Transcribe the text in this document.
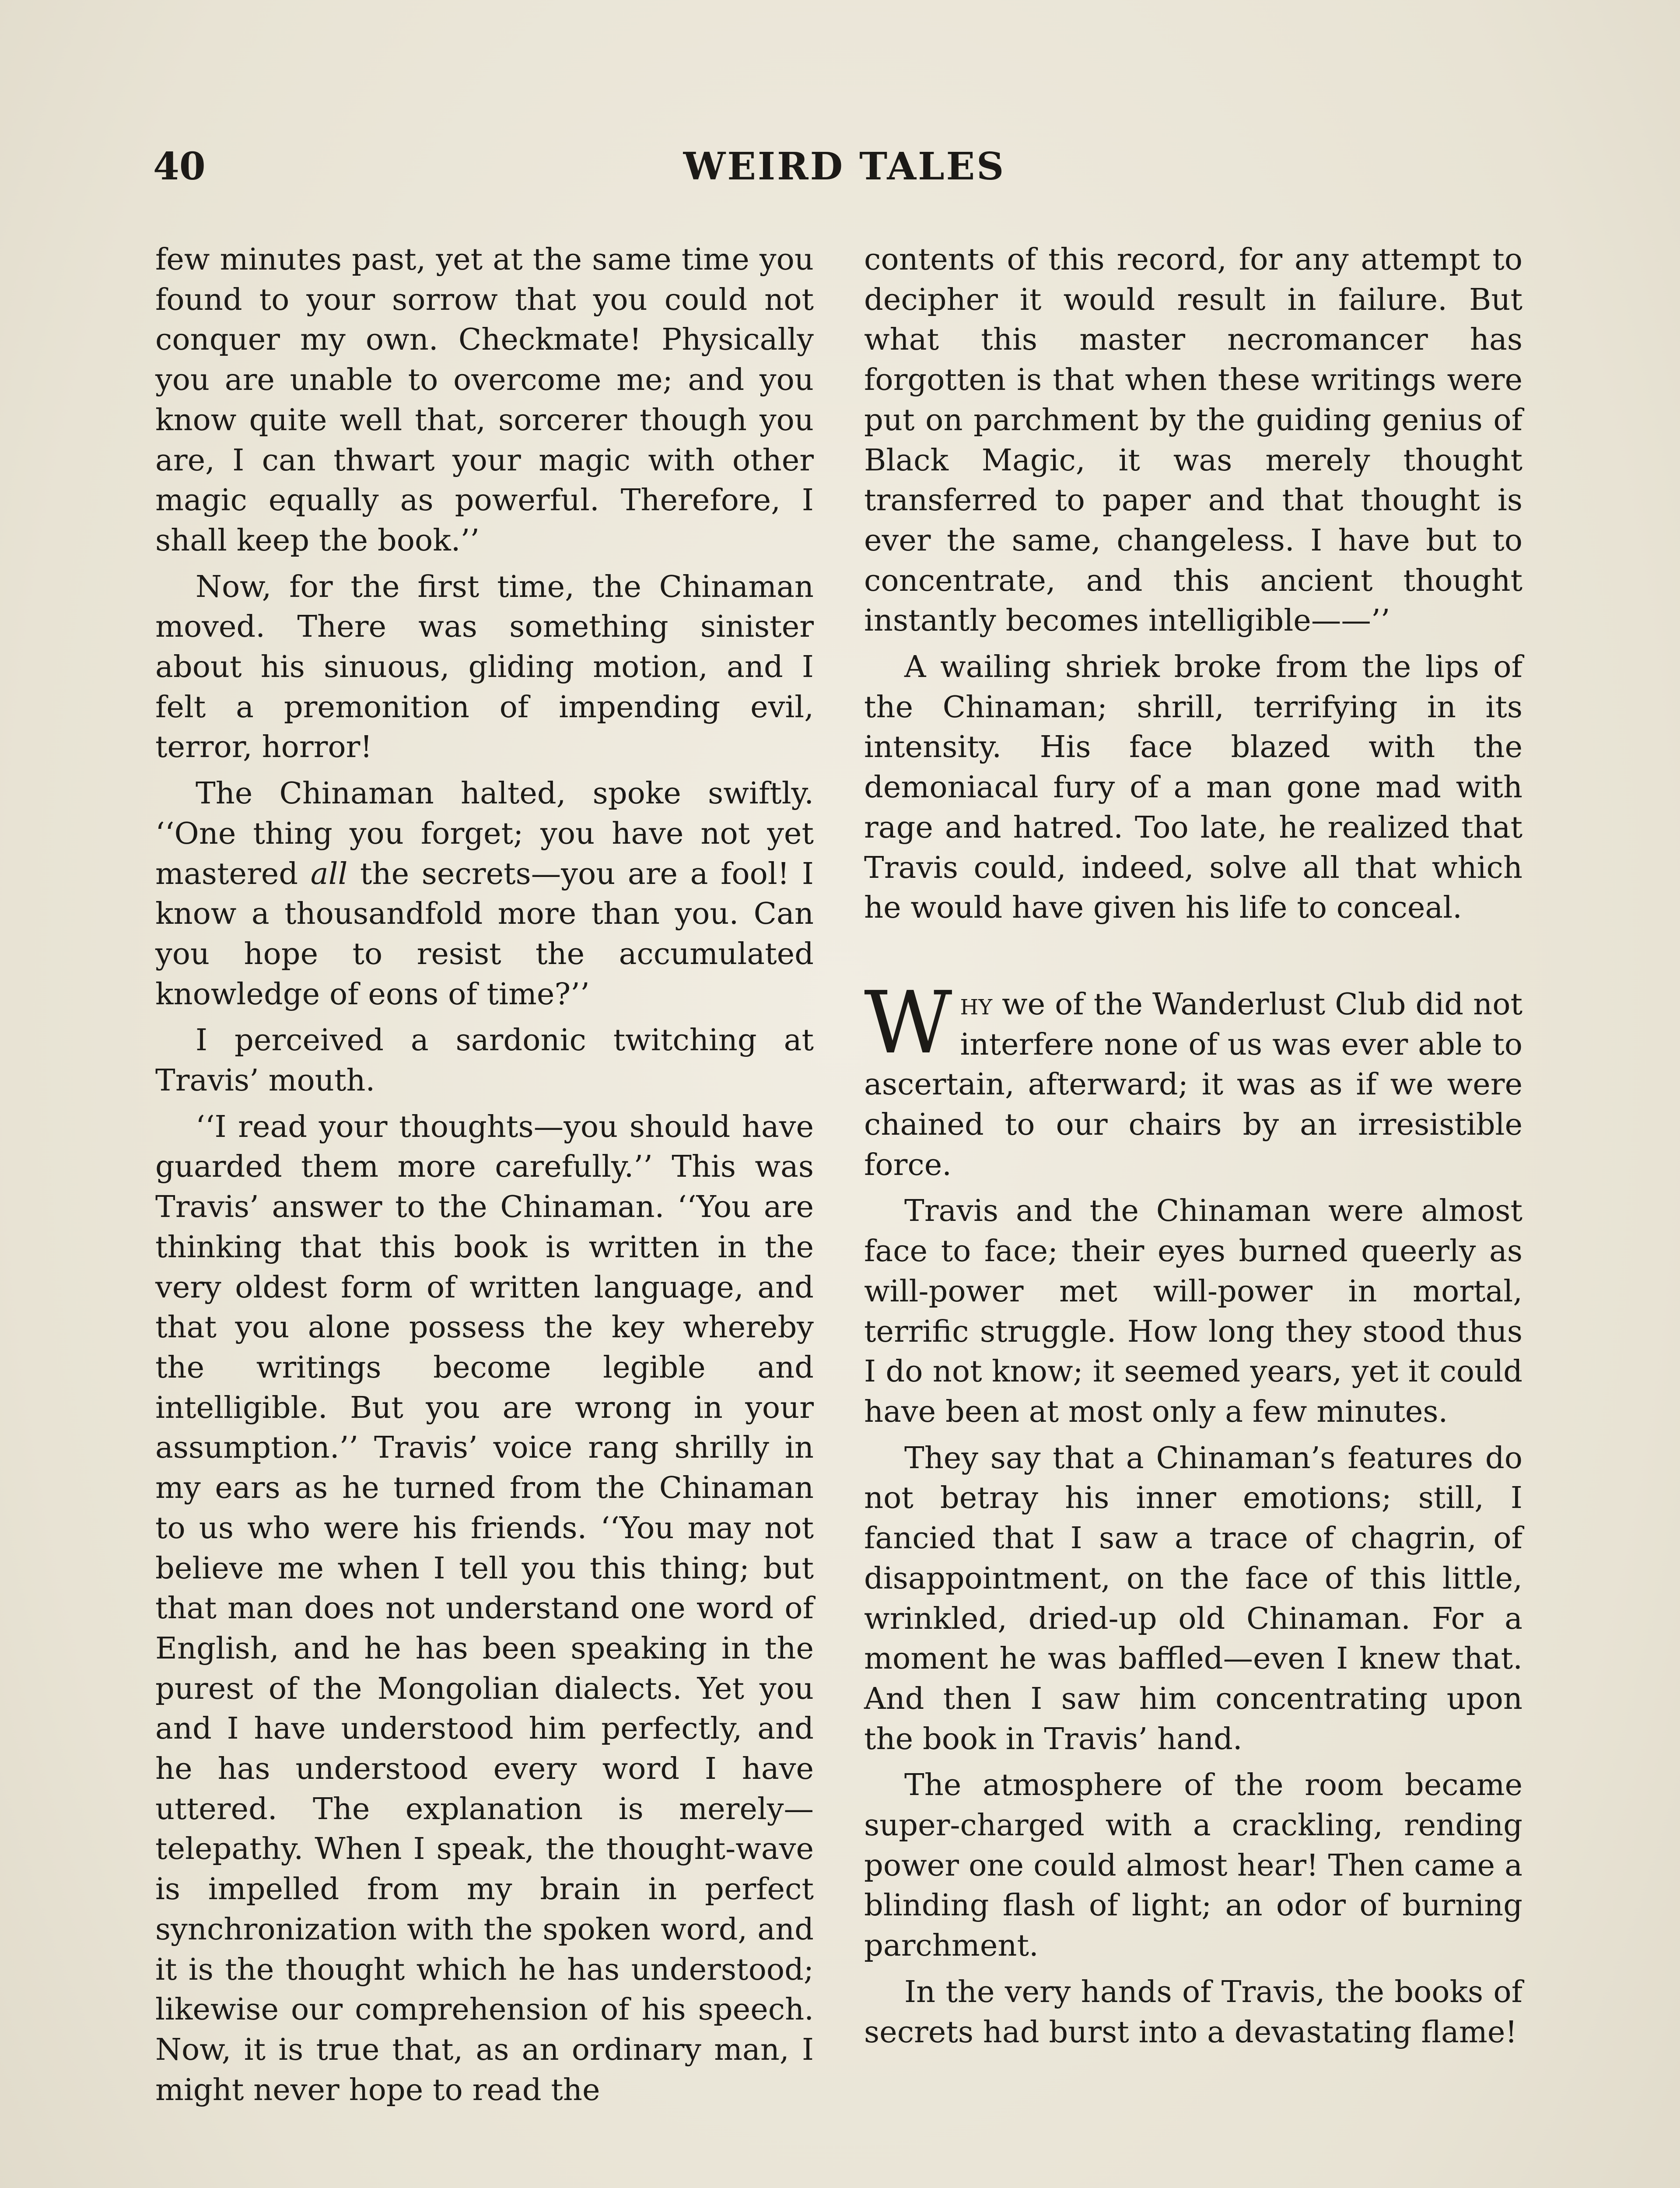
40	WEIRD TALES

few minutes past, yet at the same time you found to your sorrow that you could not conquer my own. Checkmate! Physically you are unable to overcome me; and you know quite well that, sorcerer though you are, I can thwart your magic with other magic equally as powerful. Therefore, I shall keep the book.’’

Now, for the first time, the Chinaman moved. There was something sinister about his sinuous, gliding motion, and I felt a premonition of impending evil, terror, horror!

The Chinaman halted, spoke swiftly. ‘‘One thing you forget; you have not yet mastered all the secrets—you are a fool! I know a thousandfold more than you. Can you hope to resist the accumulated knowledge of eons of time?’’

I perceived a sardonic twitching at Travis’ mouth.

‘‘I read your thoughts—you should have guarded them more carefully.’’ This was Travis’ answer to the Chinaman. ‘‘You are thinking that this book is written in the very oldest form of written language, and that you alone possess the key whereby the writings become legible and intelligible. But you are wrong in your assumption.’’ Travis’ voice rang shrilly in my ears as he turned from the Chinaman to us who were his friends. ‘‘You may not believe me when I tell you this thing; but that man does not understand one word of English, and he has been speaking in the purest of the Mongolian dialects. Yet you and I have understood him perfectly, and he has understood every word I have uttered. The explanation is merely—telepathy. When I speak, the thought-wave is impelled from my brain in perfect synchronization with the spoken word, and it is the thought which he has understood; likewise our comprehension of his speech. Now, it is true that, as an ordinary man, I might never hope to read the

contents of this record, for any attempt to decipher it would result in failure. But what this master necromancer has forgotten is that when these writings were put on parchment by the guiding genius of Black Magic, it was merely thought transferred to paper and that thought is ever the same, changeless. I have but to concentrate, and this ancient thought instantly becomes intelligible——’’

A wailing shriek broke from the lips of the Chinaman; shrill, terrifying in its intensity. His face blazed with the demoniacal fury of a man gone mad with rage and hatred. Too late, he realized that Travis could, indeed, solve all that which he would have given his life to conceal.

Why we of the Wanderlust Club did not interfere none of us was ever able to ascertain, afterward; it was as if we were chained to our chairs by an irresistible force.

Travis and the Chinaman were almost face to face; their eyes burned queerly as will-power met will-power in mortal, terrific struggle. How long they stood thus I do not know; it seemed years, yet it could have been at most only a few minutes.

They say that a Chinaman’s features do not betray his inner emotions; still, I fancied that I saw a trace of chagrin, of disappointment, on the face of this little, wrinkled, dried-up old Chinaman. For a moment he was baffled—even I knew that. And then I saw him concentrating upon the book in Travis’ hand.

The atmosphere of the room became super-charged with a crackling, rending power one could almost hear! Then came a blinding flash of light; an odor of burning parchment.

In the very hands of Travis, the books of secrets had burst into a devastating flame!
